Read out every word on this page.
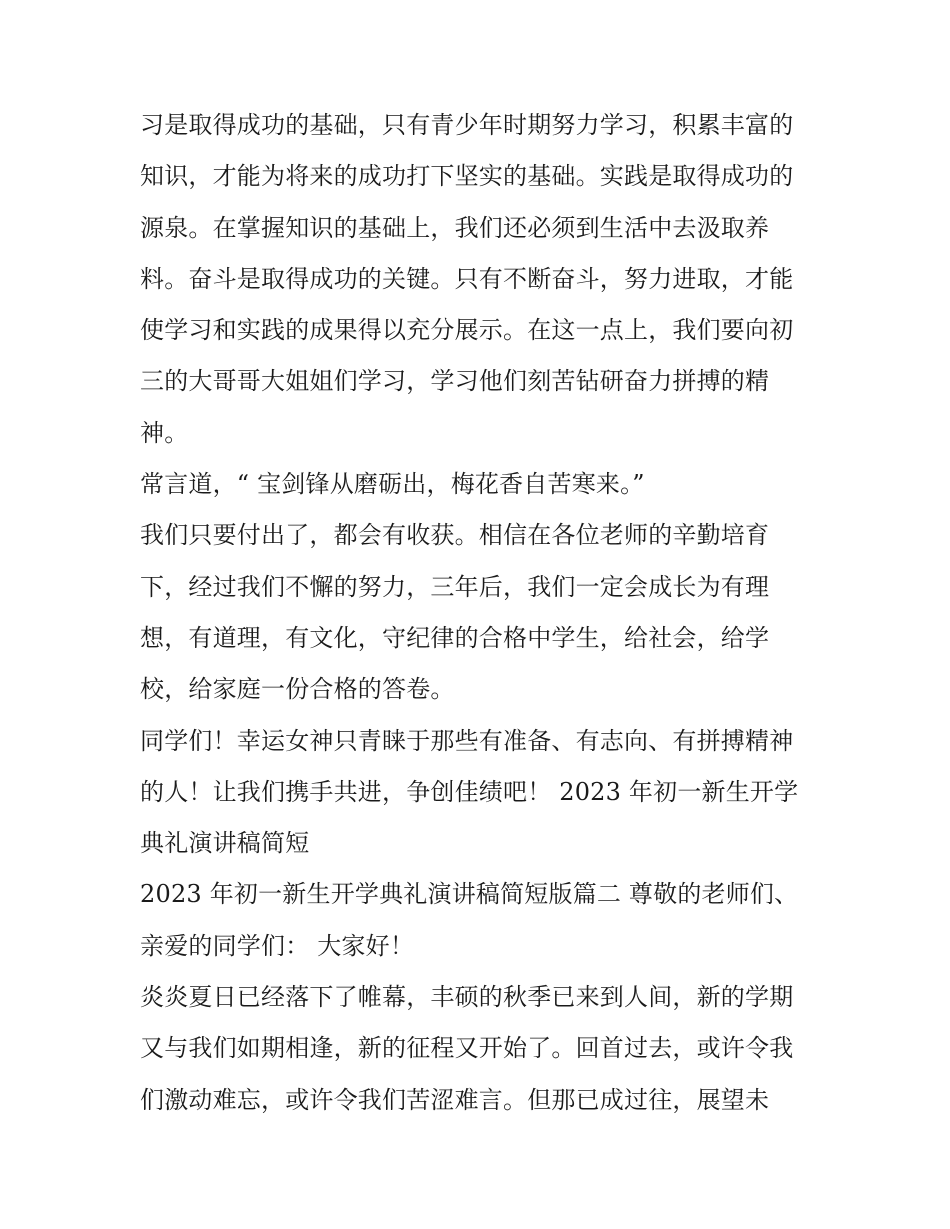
习是取得成功的基础，只有青少年时期努力学习，积累丰富的
知识，才能为将来的成功打下坚实的基础。实践是取得成功的
源泉。在掌握知识的基础上，我们还必须到生活中去汲取养
料。奋斗是取得成功的关键。只有不断奋斗，努力进取，才能
使学习和实践的成果得以充分展示。在这一点上，我们要向初
三的大哥哥大姐姐们学习，学习他们刻苦钻研奋力拼搏的精
神。
常言道，“ 宝剑锋从磨砺出，梅花香自苦寒来。”
我们只要付出了，都会有收获。相信在各位老师的辛勤培育
下，经过我们不懈的努力，三年后，我们一定会成长为有理
想，有道理，有文化，守纪律的合格中学生，给社会，给学
校，给家庭一份合格的答卷。
同学们！幸运女神只青睐于那些有准备、有志向、有拼搏精神
的人！让我们携手共进，争创佳绩吧！ 2023 年初一新生开学
典礼演讲稿简短
2023 年初一新生开学典礼演讲稿简短版篇二 尊敬的老师们、
亲爱的同学们： 大家好！
炎炎夏日已经落下了帷幕，丰硕的秋季已来到人间，新的学期
又与我们如期相逢，新的征程又开始了。回首过去，或许令我
们激动难忘，或许令我们苦涩难言。但那已成过往，展望未
